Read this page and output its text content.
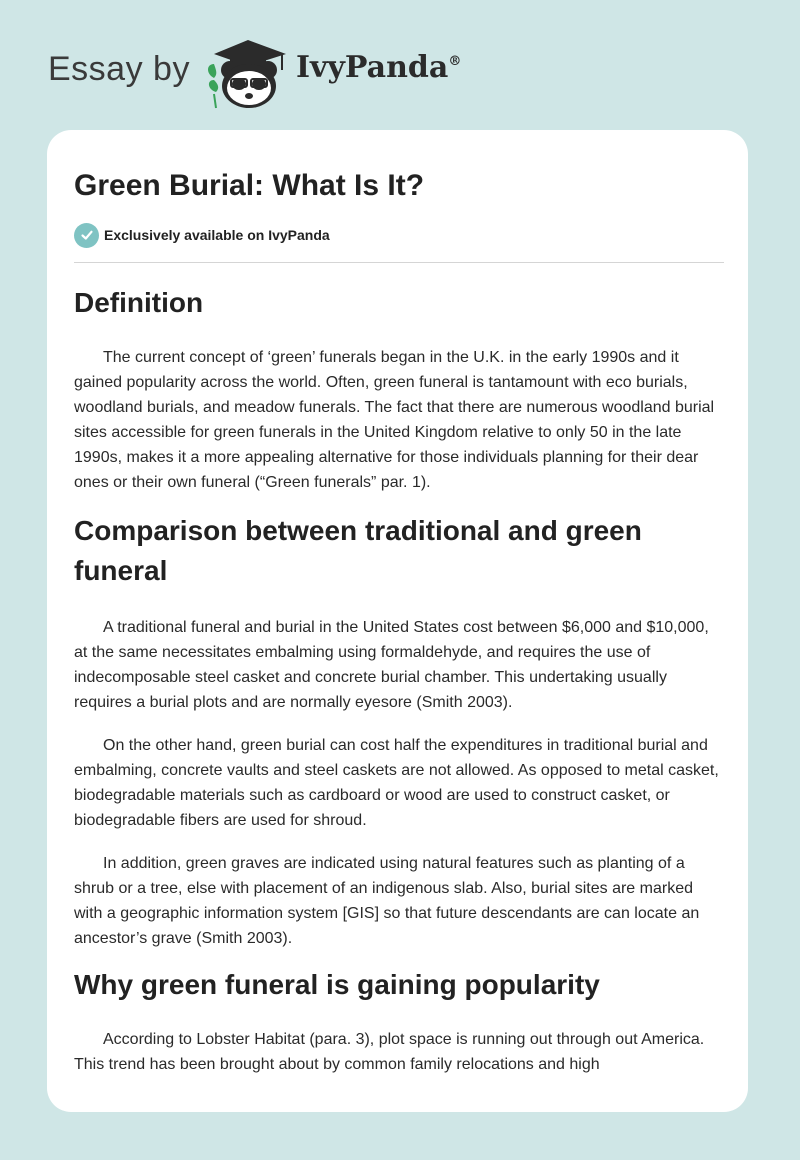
Essay by	IvyPanda®
Green Burial: What Is It?
Exclusively available on IvyPanda
Definition

The current concept of ‘green’ funerals began in the U.K. in the early 1990s and it gained popularity across the world. Often, green funeral is tantamount with eco burials, woodland burials, and meadow funerals. The fact that there are numerous woodland burial sites accessible for green funerals in the United Kingdom relative to only 50 in the late 1990s, makes it a more appealing alternative for those individuals planning for their dear ones or their own funeral (“Green funerals” par. 1).

Comparison between traditional and green funeral

A traditional funeral and burial in the United States cost between $6,000 and $10,000, at the same necessitates embalming using formaldehyde, and requires the use of indecomposable steel casket and concrete burial chamber. This undertaking usually requires a burial plots and are normally eyesore (Smith 2003).

On the other hand, green burial can cost half the expenditures in traditional burial and embalming, concrete vaults and steel caskets are not allowed. As opposed to metal casket, biodegradable materials such as cardboard or wood are used to construct casket, or biodegradable fibers are used for shroud.

In addition, green graves are indicated using natural features such as planting of a shrub or a tree, else with placement of an indigenous slab. Also, burial sites are marked with a geographic information system [GIS] so that future descendants are can locate an ancestor’s grave (Smith 2003).

Why green funeral is gaining popularity

According to Lobster Habitat (para. 3), plot space is running out through out America. This trend has been brought about by common family relocations and high
